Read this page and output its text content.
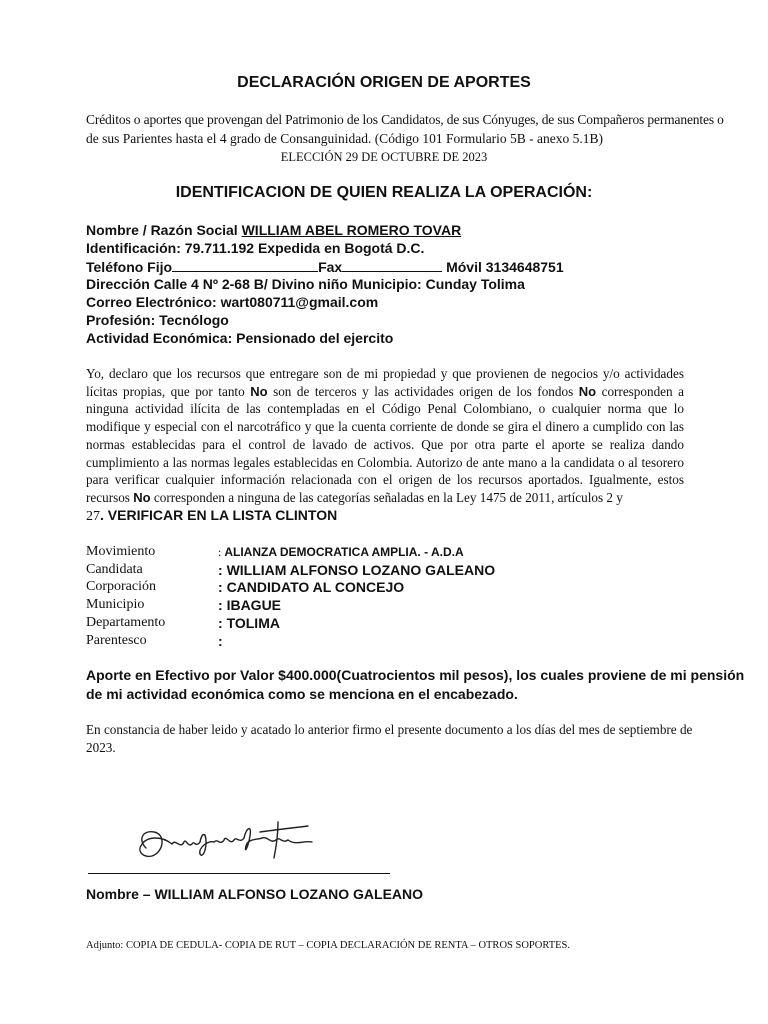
DECLARACIÓN ORIGEN DE APORTES
Créditos o aportes que provengan del Patrimonio de los Candidatos, de sus Cónyuges, de sus Compañeros permanentes o
de sus Parientes hasta el 4 grado de Consanguinidad. (Código 101 Formulario 5B - anexo 5.1B)
ELECCIÓN 29 DE OCTUBRE DE 2023
IDENTIFICACION DE QUIEN REALIZA LA OPERACIÓN:
Nombre / Razón Social WILLIAM ABEL ROMERO TOVAR
Identificación: 79.711.192 Expedida en Bogotá D.C.
Teléfono Fijo	Fax	Móvil 3134648751
Dirección Calle 4 Nº 2-68 B/ Divino niño Municipio: Cunday Tolima
Correo Electrónico: wart080711@gmail.com
Profesión: Tecnólogo
Actividad Económica: Pensionado del ejercito
Yo, declaro que los recursos que entregare son de mi propiedad y que provienen de negocios y/o actividades lícitas propias, que por tanto No son de terceros y las actividades origen de los fondos No corresponden a ninguna actividad ilícita de las contempladas en el Código Penal Colombiano, o cualquier norma que lo modifique y especial con el narcotráfico y que la cuenta corriente de donde se gira el dinero a cumplido con las normas establecidas para el control de lavado de activos. Que por otra parte el aporte se realiza dando cumplimiento a las normas legales establecidas en Colombia. Autorizo de ante mano a la candidata o al tesorero para verificar cualquier información relacionada con el origen de los recursos aportados. Igualmente, estos recursos No corresponden a ninguna de las categorías señaladas en la Ley 1475 de 2011, artículos 2 y
27. VERIFICAR EN LA LISTA CLINTON
Movimiento	: ALIANZA DEMOCRATICA AMPLIA. - A.D.A
Candidata	: WILLIAM ALFONSO LOZANO GALEANO
Corporación	: CANDIDATO AL CONCEJO
Municipio	: IBAGUE
Departamento	: TOLIMA
Parentesco	:
Aporte en Efectivo por Valor $400.000(Cuatrocientos mil pesos), los cuales proviene de mi pensión
de mi actividad económica como se menciona en el encabezado.
En constancia de haber leido y acatado lo anterior firmo el presente documento a los días del mes de septiembre de
2023.
Nombre – WILLIAM ALFONSO LOZANO GALEANO
Adjunto: COPIA DE CEDULA- COPIA DE RUT – COPIA DECLARACIÓN DE RENTA – OTROS SOPORTES.
